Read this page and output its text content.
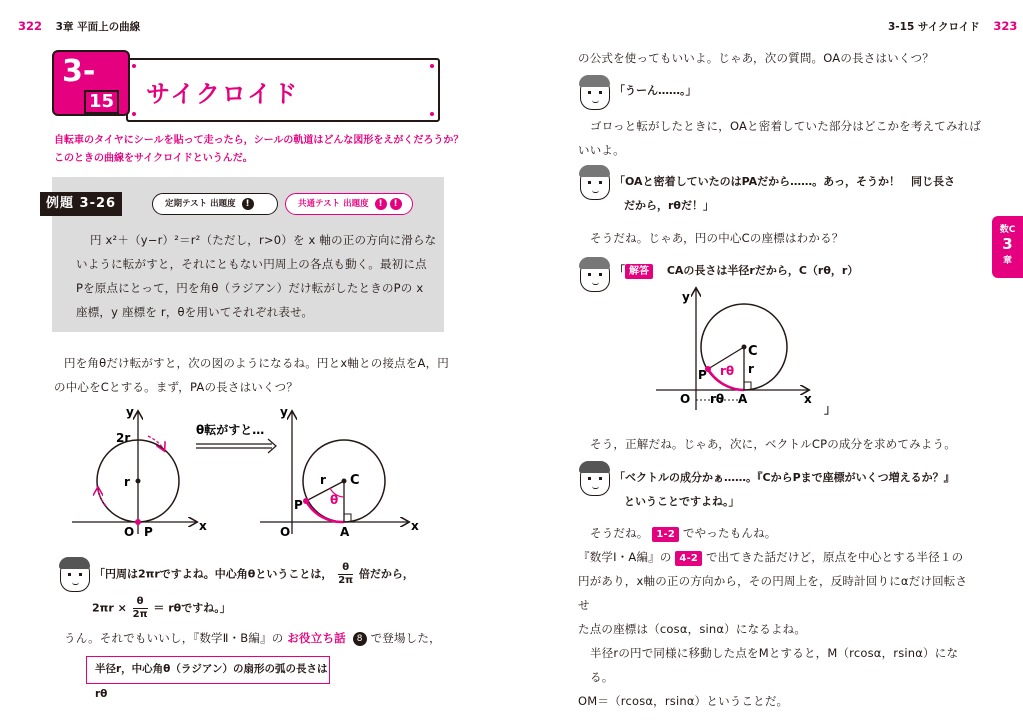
322 3章 平面上の曲線
サイクロイド
3-
15
自転車のタイヤにシールを貼って走ったら，シールの軌道はどんな図形をえがくだろうか？
このときの曲線をサイクロイドというんだ。
例題 3-26	定期テスト 出題度 !	共通テスト 出題度 ! !
円 x²＋（y−r）²＝r²（ただし，r>0）を x 軸の正の方向に滑らな
いように転がすと，それにともない円周上の各点も動く。最初に点
Pを原点にとって，円を角θ（ラジアン）だけ転がしたときのPの x
座標，y 座標を r，θを用いてそれぞれ表せ。
円を角θだけ転がすと，次の図のようになるね。円とx軸との接点をA，円
の中心をCとする。まず，PAの長さはいくつ？
y
2r
r
O P	x
θ転がすと…
y
r C
θ
P
O	A	x
「円周は2πrですよね。中心角θということは， $\frac{\theta}{2\pi}$ 倍だから，
$2\pi r \times \frac{\theta}{2\pi} = r\theta$ですね。」
うん。それでもいいし，『数学Ⅱ・B編』の お役立ち話 8 で登場した，
半径r，中心角θ（ラジアン）の扇形の弧の長さはrθ
3-15 サイクロイド 323
の公式を使ってもいいよ。じゃあ，次の質問。OAの長さはいくつ？
「うーん……。」
ゴロっと転がしたときに，OAと密着していた部分はどこかを考えてみれば
いいよ。
「OAと密着していたのはPAだから……。あっ，そうか！　同じ長さ
だから，rθだ！」
そうだね。じゃあ，円の中心Cの座標はわかる？
「 解答 CAの長さは半径rだから，C（rθ，r）
y
C
r
rθ
P
O rθ A	x
」
そう，正解だね。じゃあ，次に，ベクトルCPの成分を求めてみよう。
「ベクトルの成分かぁ……。『CからPまで座標がいくつ増えるか？』
ということですよね。」
そうだね。 1-2 でやったもんね。
『数学Ⅰ・A編』の 4-2 で出てきた話だけど，原点を中心とする半径１の
円があり，x軸の正の方向から，その円周上を，反時計回りにαだけ回転させ
た点の座標は（cosα，sinα）になるよね。
半径rの円で同様に移動した点をMとすると，M（rcosα，rsinα）になる。
OM＝（rcosα，rsinα）ということだ。
数C
3
章
